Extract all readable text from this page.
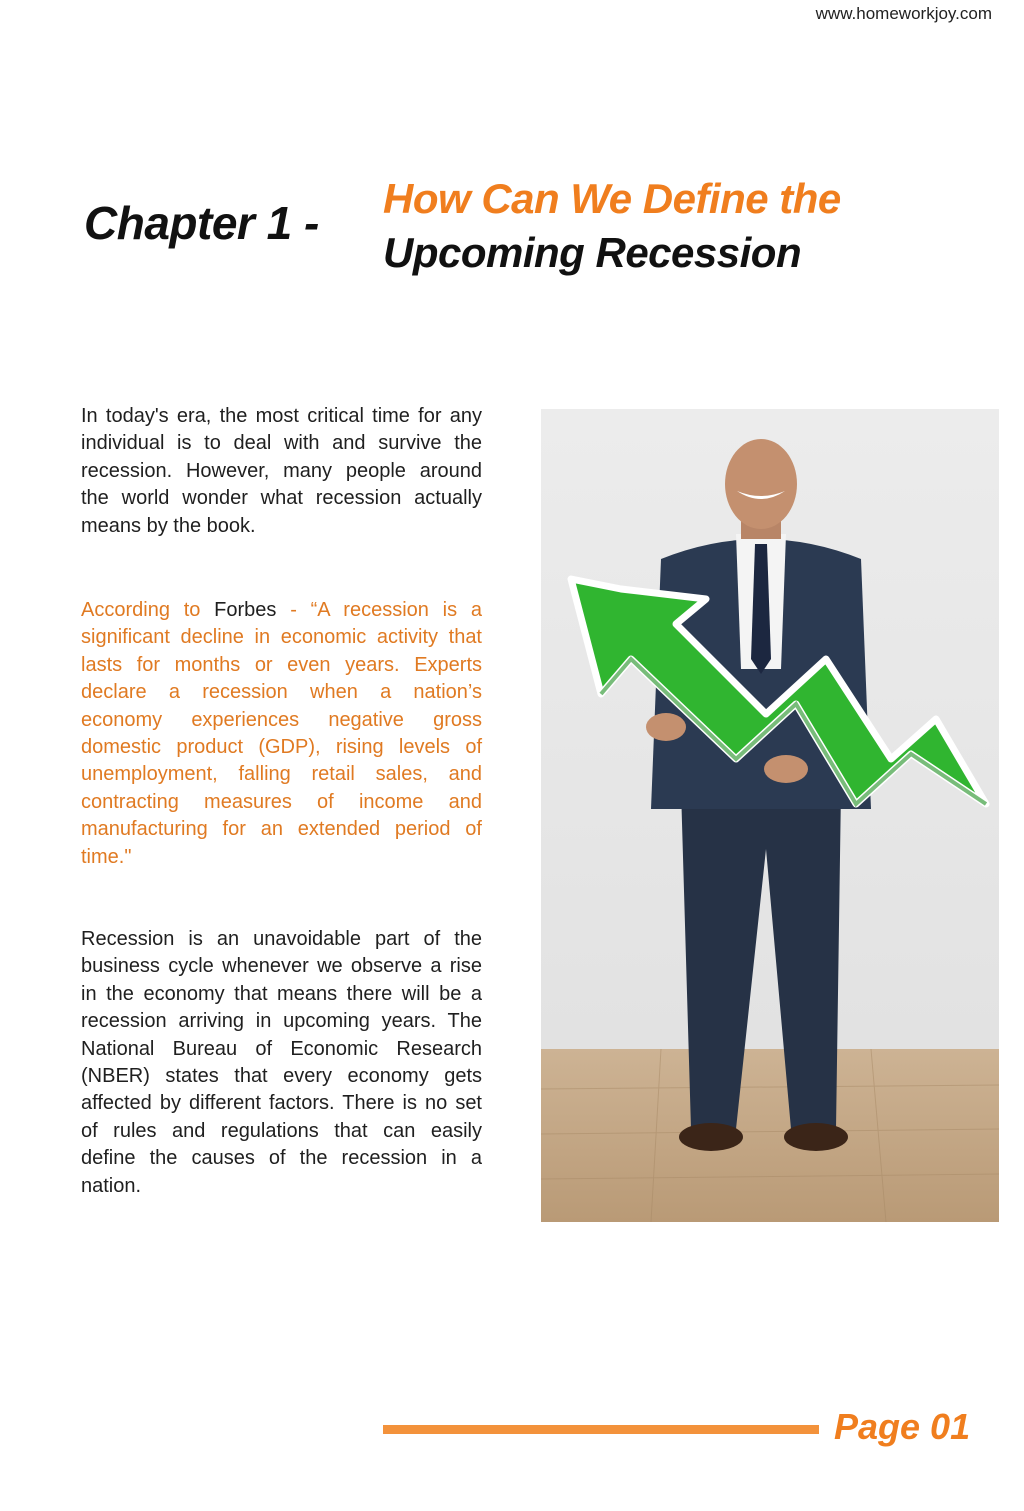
www.homeworkjoy.com
Chapter 1 - How Can We Define the
Upcoming Recession

In today's era, the most critical time for any individual is to deal with and survive the recession. However, many people around the world wonder what recession actually means by the book.

According to Forbes - “A recession is a significant decline in economic activity that lasts for months or even years. Experts declare a recession when a nation’s economy experiences negative gross domestic product (GDP), rising levels of unemployment, falling retail sales, and contracting measures of income and manufacturing for an extended period of time."

Recession is an unavoidable part of the business cycle whenever we observe a rise in the economy that means there will be a recession arriving in upcoming years. The National Bureau of Economic Research (NBER) states that every economy gets affected by different factors. There is no set of rules and regulations that can easily define the causes of the recession in a nation.

Page 01
